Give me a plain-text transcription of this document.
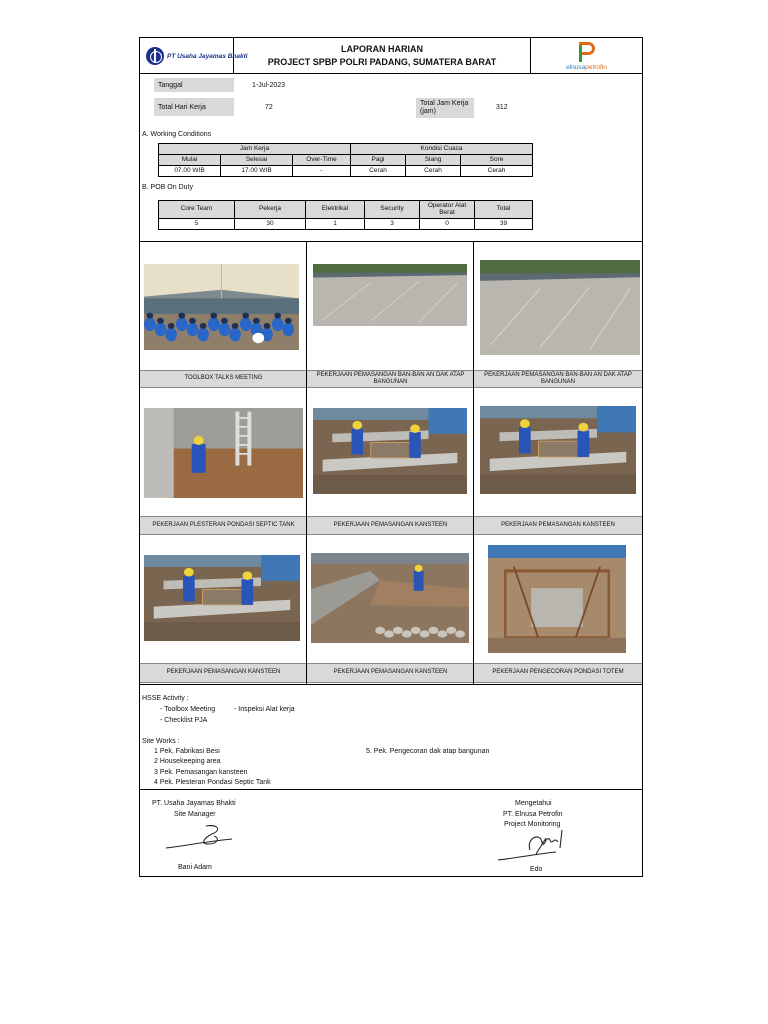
PT Usaha Jayamas Bhakti
LAPORAN HARIAN
PROJECT SPBP POLRI PADANG, SUMATERA BARAT	elnusapetrofin
Tanggal	1-Jul-2023
Total Hari Kerja	72
Total Jam Kerja (jam)
312
A. Working Conditions
Jam Kerja			Kondisi Cuaca		
Mulai	Selesai	Over-Time	Pagi	Siang	Sore
07.00 WIB	17.00 WIB	-	Cerah	Cerah	Cerah
B. POB On Duty
Core Team	Pekerja	Elektrikal	Security	Operator Alat Berat	Total
5	30	1	3	0	39
TOOLBOX TALKS MEETING
PEKERJAAN PEMASANGAN BAN-BAN AN DAK ATAP BANGUNAN
PEKERJAAN PEMASANGAN BAN-BAN AN DAK ATAP BANGUNAN
PEKERJAAN PLESTERAN PONDASI SEPTIC TANK	PEKERJAAN PEMASANGAN KANSTEEN	PEKERJAAN PEMASANGAN KANSTEEN
PEKERJAAN PEMASANGAN KANSTEEN	PEKERJAAN PEMASANGAN KANSTEEN	PEKERJAAN PENGECORAN PONDASI TOTEM
HSSE Activity :
- Toolbox Meeting	- Inspeksi Alat kerja
- Checklist PJA
Site Works :
1 Pek. Fabrikasi Besi
2 Housekeeping area
3 Pek. Pemasangan kansteen
4 Pek. Plesteran Pondasi Septic Tank
5. Pek. Pengecoran dak atap bangunan
PT. Usaha Jayamas Bhakti
Site Manager
Bani Adam
Mengetahui
PT. Elnusa Petrofin
Project Monitoring
Edo
